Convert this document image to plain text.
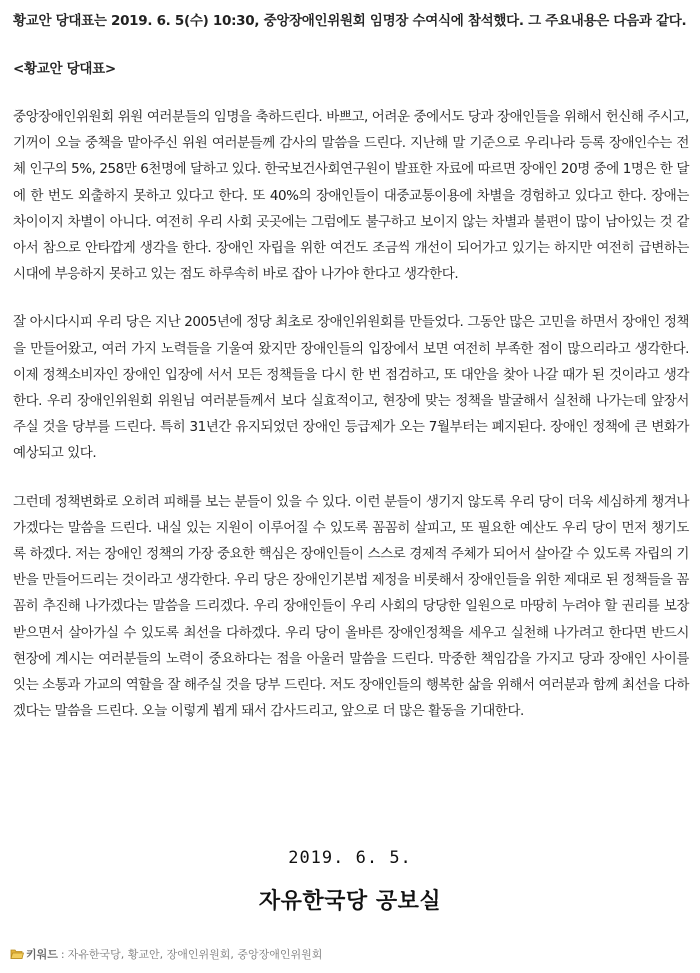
황교안 당대표는 2019. 6. 5(수) 10:30, 중앙장애인위원회 임명장 수여식에 참석했다. 그 주요내용은 다음과 같다.

<황교안 당대표>

중앙장애인위원회 위원 여러분들의 임명을 축하드린다. 바쁘고, 어려운 중에서도 당과 장애인들을 위해서 헌신해 주시고, 기꺼이 오늘 중책을 맡아주신 위원 여러분들께 감사의 말씀을 드린다. 지난해 말 기준으로 우리나라 등록 장애인수는 전체 인구의 5%, 258만 6천명에 달하고 있다. 한국보건사회연구원이 발표한 자료에 따르면 장애인 20명 중에 1명은 한 달에 한 번도 외출하지 못하고 있다고 한다. 또 40%의 장애인들이 대중교통이용에 차별을 경험하고 있다고 한다. 장애는 차이이지 차별이 아니다. 여전히 우리 사회 곳곳에는 그럼에도 불구하고 보이지 않는 차별과 불편이 많이 남아있는 것 같아서 참으로 안타깝게 생각을 한다. 장애인 자립을 위한 여건도 조금씩 개선이 되어가고 있기는 하지만 여전히 급변하는 시대에 부응하지 못하고 있는 점도 하루속히 바로 잡아 나가야 한다고 생각한다.

잘 아시다시피 우리 당은 지난 2005년에 정당 최초로 장애인위원회를 만들었다. 그동안 많은 고민을 하면서 장애인 정책을 만들어왔고, 여러 가지 노력들을 기울여 왔지만 장애인들의 입장에서 보면 여전히 부족한 점이 많으리라고 생각한다. 이제 정책소비자인 장애인 입장에 서서 모든 정책들을 다시 한 번 점검하고, 또 대안을 찾아 나갈 때가 된 것이라고 생각한다. 우리 장애인위원회 위원님 여러분들께서 보다 실효적이고, 현장에 맞는 정책을 발굴해서 실천해 나가는데 앞장서 주실 것을 당부를 드린다. 특히 31년간 유지되었던 장애인 등급제가 오는 7월부터는 폐지된다. 장애인 정책에 큰 변화가 예상되고 있다.

그런데 정책변화로 오히려 피해를 보는 분들이 있을 수 있다. 이런 분들이 생기지 않도록 우리 당이 더욱 세심하게 챙겨나가겠다는 말씀을 드린다. 내실 있는 지원이 이루어질 수 있도록 꼼꼼히 살피고, 또 필요한 예산도 우리 당이 먼저 챙기도록 하겠다. 저는 장애인 정책의 가장 중요한 핵심은 장애인들이 스스로 경제적 주체가 되어서 살아갈 수 있도록 자립의 기반을 만들어드리는 것이라고 생각한다. 우리 당은 장애인기본법 제정을 비롯해서 장애인들을 위한 제대로 된 정책들을 꼼꼼히 추진해 나가겠다는 말씀을 드리겠다. 우리 장애인들이 우리 사회의 당당한 일원으로 마땅히 누려야 할 권리를 보장 받으면서 살아가실 수 있도록 최선을 다하겠다. 우리 당이 올바른 장애인정책을 세우고 실천해 나가려고 한다면 반드시 현장에 계시는 여러분들의 노력이 중요하다는 점을 아울러 말씀을 드린다. 막중한 책임감을 가지고 당과 장애인 사이를 잇는 소통과 가교의 역할을 잘 해주실 것을 당부 드린다. 저도 장애인들의 행복한 삶을 위해서 여러분과 함께 최선을 다하겠다는 말씀을 드린다. 오늘 이렇게 뵙게 돼서 감사드리고, 앞으로 더 많은 활동을 기대한다.

2019. 6. 5.
자유한국당 공보실
키워드 : 자유한국당, 황교안, 장애인위원회, 중앙장애인위원회
